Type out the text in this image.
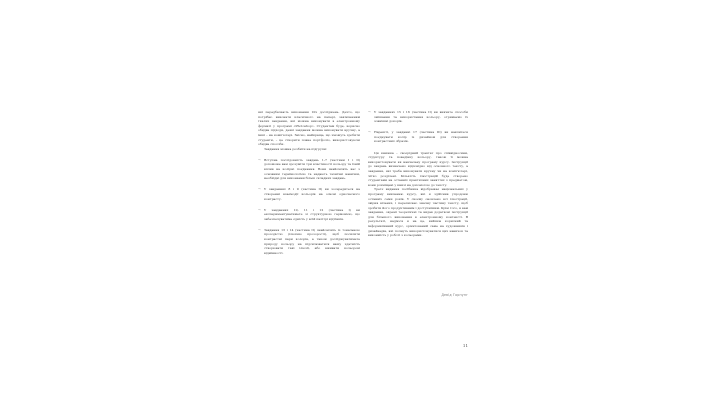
які передбачають виконання 10х досліджень. Дехто, що потрібно виконати класичного на папері, закінченням ткалих завдання, які можна виконувати в електронному форматі у програмі «Photoshop». Студентам буде, корисно обидва підходи, деякі завдання можна виконувати вручну, а інші – на комп'ютері. Звісно, найкраще, що зможуть зробити студенти, – це створити повне портфоліо, використовуючи обидва способи.

Завдання можна розбити на підгрупи:

→ Вступна послідовність завдань 1-7 (частини I і II) допоможе вам зрозуміти три властивості кольору та їхній вплив на колірні поєднання. Вони знайомлять вас з основним термінологією та надають технічні навички, необхідні для виконання більш складних завдань.
→ У завданнях 8 і 9 (частина II) ви зосередитеся на створенні взаємодії кольорів на основі одночасного контрасту.
→ У завданнях 10, 11 і 12 (частина I) ви експериментуватимете зі структурною гармонією, що забезпечуватиме єдність у всій палітрі відтінків.
→ Завдання 13 і 14 (частина II) знайомлять із тональною прозорістю (ілюзією прозорості), щоб посилити контрастні пари колорів, а також досліджуватимете природу кольору на підсилюватися вашу здатність створювати такі ілюзії, або вживати кольорові відмінності.
→ У завданнях 15 і 16 (частина II) ви вивчите способи змішання та використання кольору, отримаємо їх зовнішні докорів.
→ Нарешті, у завданні 17 (частина III) ви навчитеся поєднувати колір із дизайном для створення контрастних образів.

Ця книжка – своєрідний трактат про співвідносини, структуру та поведінку кольору, також її можна використовувати як навчальну програму курсу. Інструкції до завдань визначено відповідно від основного тексту, а завдання, які треба виконувати вручну чи на комп'ютері, чітко розділені. Кількість ілюстрацій буде створено студентами на останніх практичних заняттях з предметом, вони розміщені у книзі на допомогою до тексту.

Третє видання посібника відображає національних у програму вивченню курсу, які я здійснив упродовж останніх семи років. У своєму оновлено всі ілюстрації, звірив вільних, і переписано значну частину тексту, щоб зробити його продуктивним і доступнішим. Крім того, я вам завдання, окремі теоретичні та видав додаткові інструкції для більшого виконання в електронному контексті. В результаті, надіюся я на це, вийшов корисний та інформативний курс, орієнтований саме на художників і дизайнерів, які почнуть використовуватися цих навичок та виконмість у роботі з кольорами.

Девід Горнунг
11
